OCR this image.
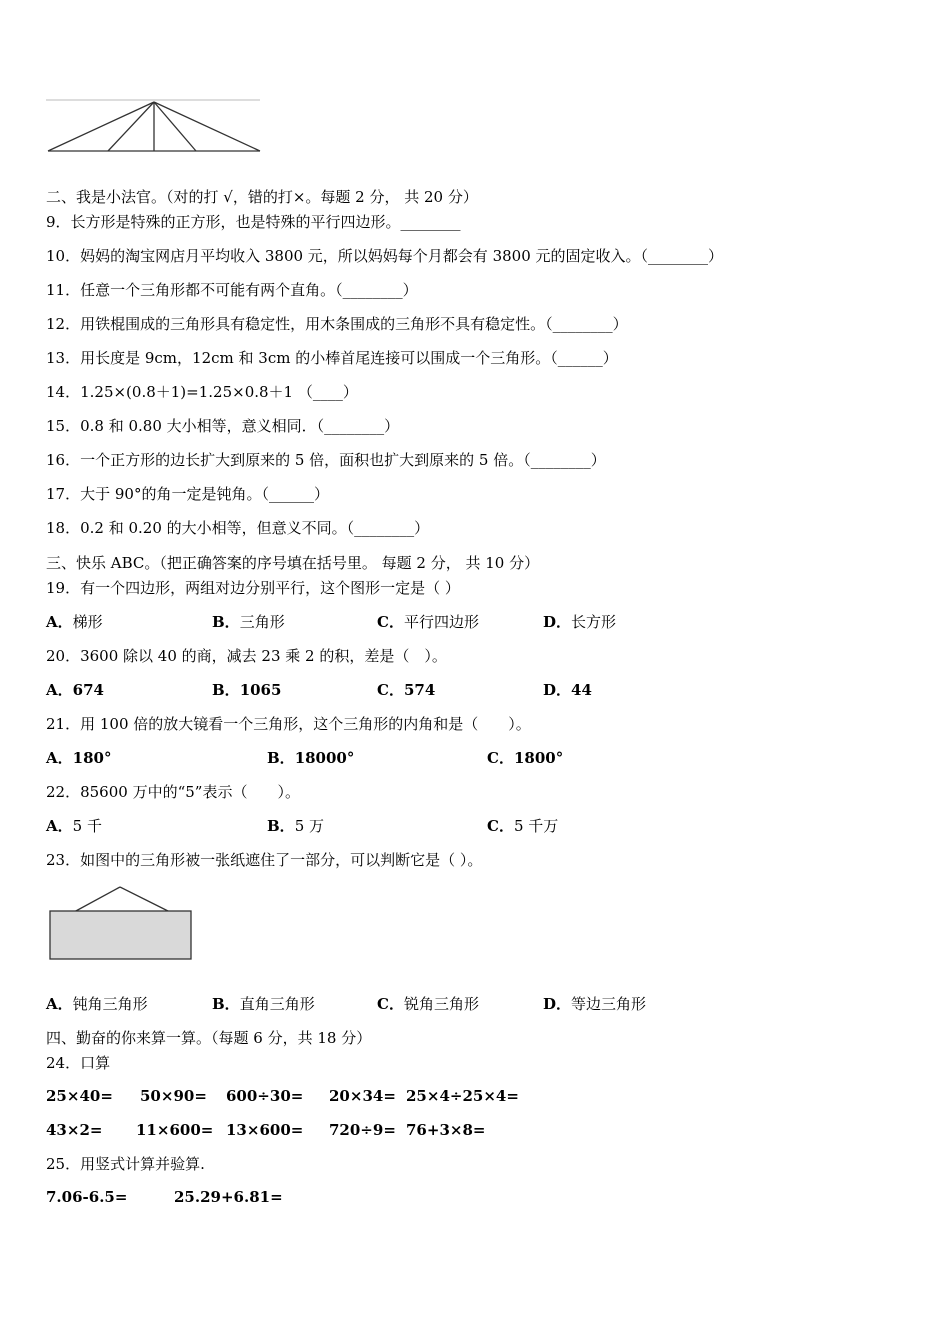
二、我是小法官。（对的打 √，错的打×。每题 2 分， 共 20 分）
9．长方形是特殊的正方形，也是特殊的平行四边形。________
10．妈妈的淘宝网店月平均收入 3800 元，所以妈妈每个月都会有 3800 元的固定收入。（________）
11．任意一个三角形都不可能有两个直角。（________）
12．用铁棍围成的三角形具有稳定性，用木条围成的三角形不具有稳定性。（________）
13．用长度是 9cm，12cm 和 3cm 的小棒首尾连接可以围成一个三角形。（______）
14．1.25×(0.8＋1)=1.25×0.8＋1 （____）
15．0.8 和 0.80 大小相等，意义相同．（________）
16．一个正方形的边长扩大到原来的 5 倍，面积也扩大到原来的 5 倍。（________）
17．大于 90°的角一定是钝角。（______）
18．0.2 和 0.20 的大小相等，但意义不同。（________）
三、快乐 ABC。（把正确答案的序号填在括号里。 每题 2 分， 共 10 分）
19．有一个四边形，两组对边分别平行，这个图形一定是（ ）
A．梯形	B．三角形	C．平行四边形	D．长方形
20．3600 除以 40 的商，减去 23 乘 2 的积，差是（　）。
A．674	B．1065	C．574	D．44
21．用 100 倍的放大镜看一个三角形，这个三角形的内角和是（　　）。
A．180°	B．18000°	C．1800°
22．85600 万中的“5”表示（　　）。
A．5 千	B．5 万	C．5 千万
23．如图中的三角形被一张纸遮住了一部分，可以判断它是（ ）。
A．钝角三角形	B．直角三角形	C．锐角三角形	D．等边三角形
四、勤奋的你来算一算。（每题 6 分，共 18 分）
24．口算
25×40= 50×90= 600÷30= 20×34= 25×4÷25×4=
43×2= 11×600= 13×600= 720÷9= 76+3×8=
25．用竖式计算并验算.
7.06-6.5=	25.29+6.81=
